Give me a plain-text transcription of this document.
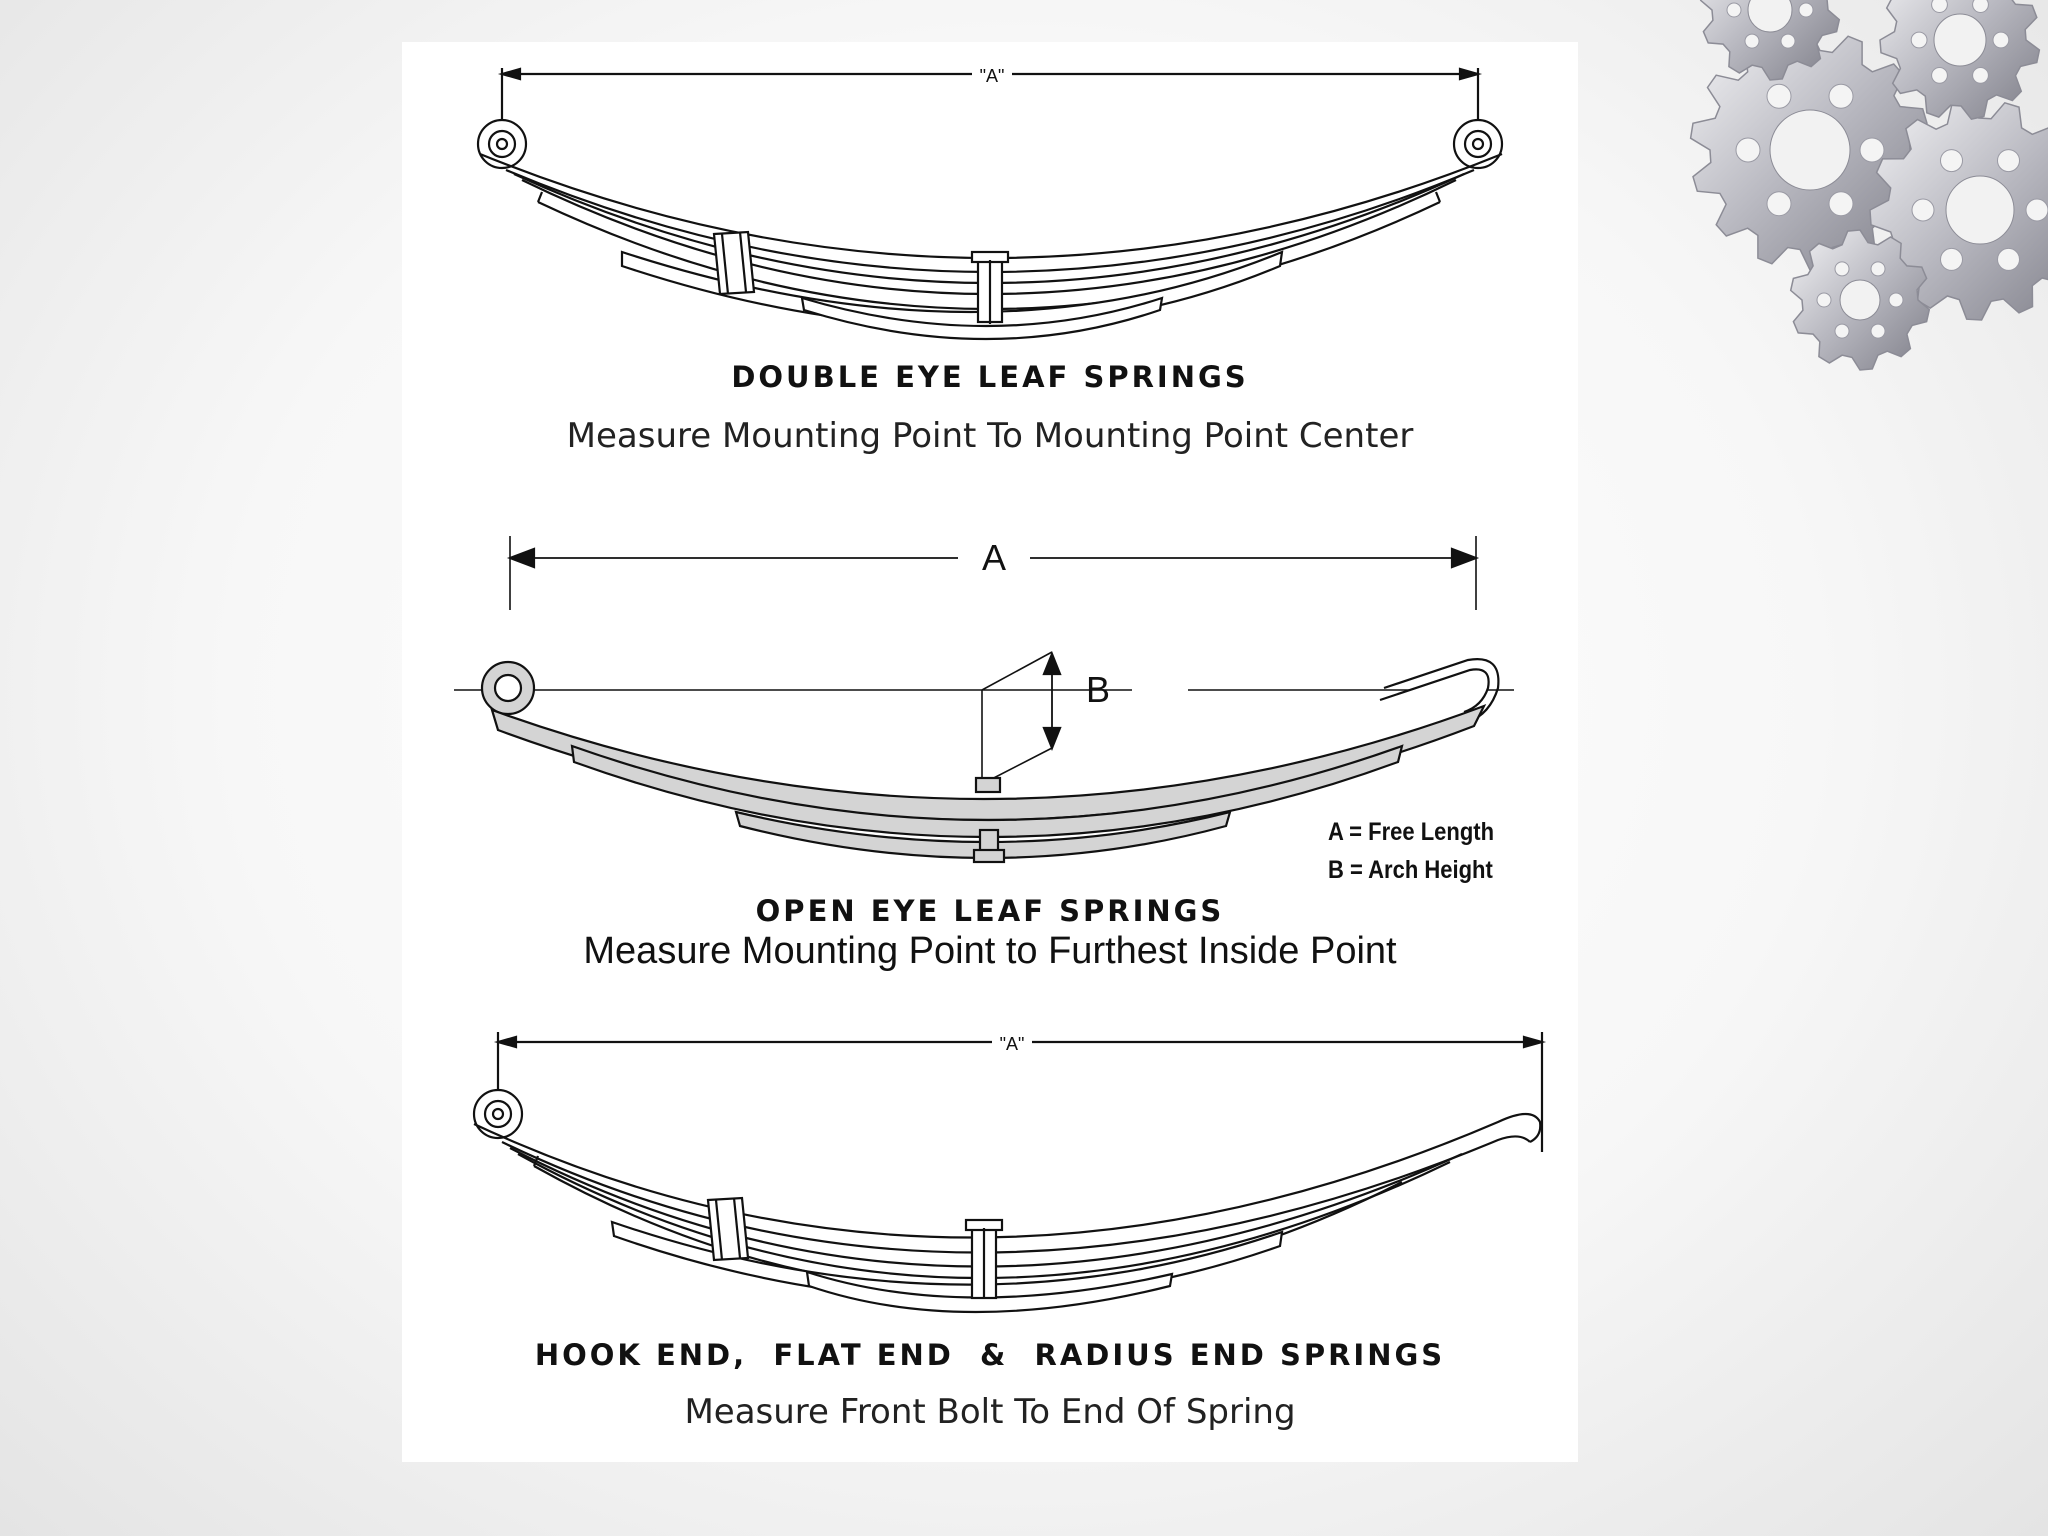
"A"
A
B
"A"

DOUBLE EYE LEAF SPRINGS

Measure Mounting Point To Mounting Point Center

A = Free Length
B = Arch Height

OPEN EYE LEAF SPRINGS

Measure Mounting Point to Furthest Inside Point

HOOK END,  FLAT END  &  RADIUS END SPRINGS

Measure Front Bolt To End Of Spring
